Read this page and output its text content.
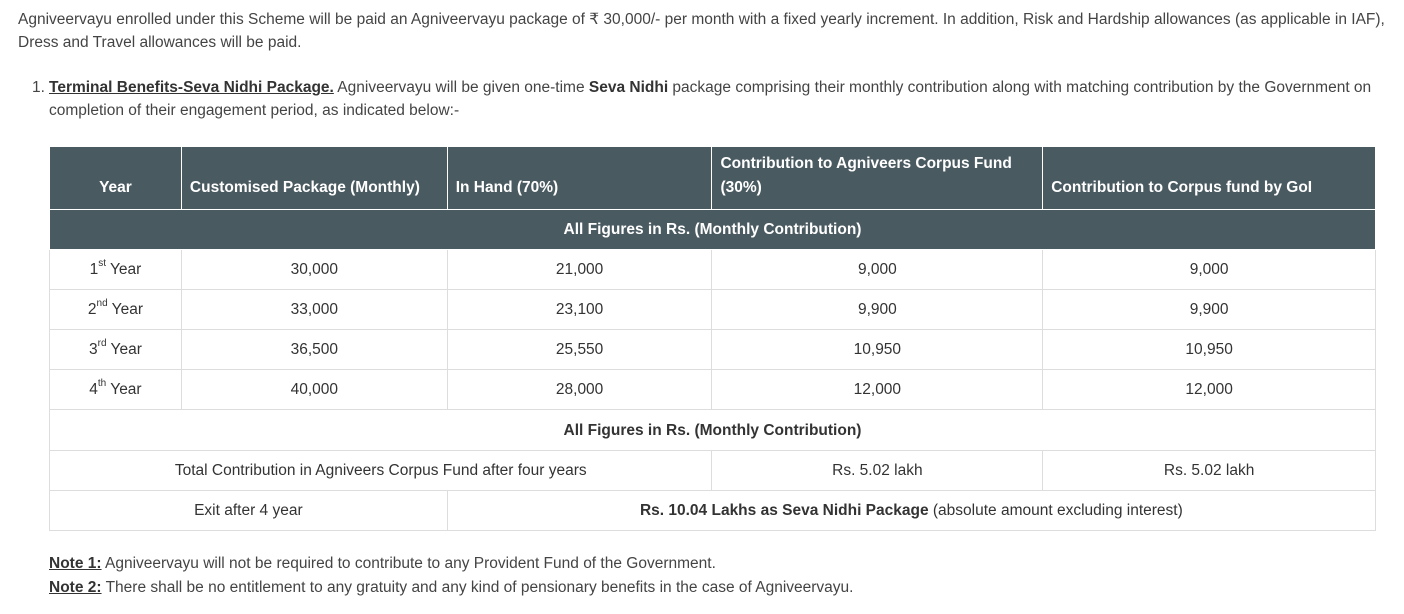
Agniveervayu enrolled under this Scheme will be paid an Agniveervayu package of ₹ 30,000/- per month with a fixed yearly increment. In addition, Risk and Hardship allowances (as applicable in IAF), Dress and Travel allowances will be paid.

1. Terminal Benefits-Seva Nidhi Package. Agniveervayu will be given one-time Seva Nidhi package comprising their monthly contribution along with matching contribution by the Government on completion of their engagement period, as indicated below:-
Year	Customised Package (Monthly)	In Hand (70%)	Contribution to Agniveers Corpus Fund (30%)	Contribution to Corpus fund by GoI
All Figures in Rs. (Monthly Contribution)				
1st Year	30,000	21,000	9,000	9,000
2nd Year	33,000	23,100	9,900	9,900
3rd Year	36,500	25,550	10,950	10,950
4th Year	40,000	28,000	12,000	12,000
All Figures in Rs. (Monthly Contribution)				
Total Contribution in Agniveers Corpus Fund after four years			Rs. 5.02 lakh	Rs. 5.02 lakh
Exit after 4 year		Rs. 10.04 Lakhs as Seva Nidhi Package (absolute amount excluding interest)		

Note 1: Agniveervayu will not be required to contribute to any Provident Fund of the Government.

Note 2: There shall be no entitlement to any gratuity and any kind of pensionary benefits in the case of Agniveervayu.
